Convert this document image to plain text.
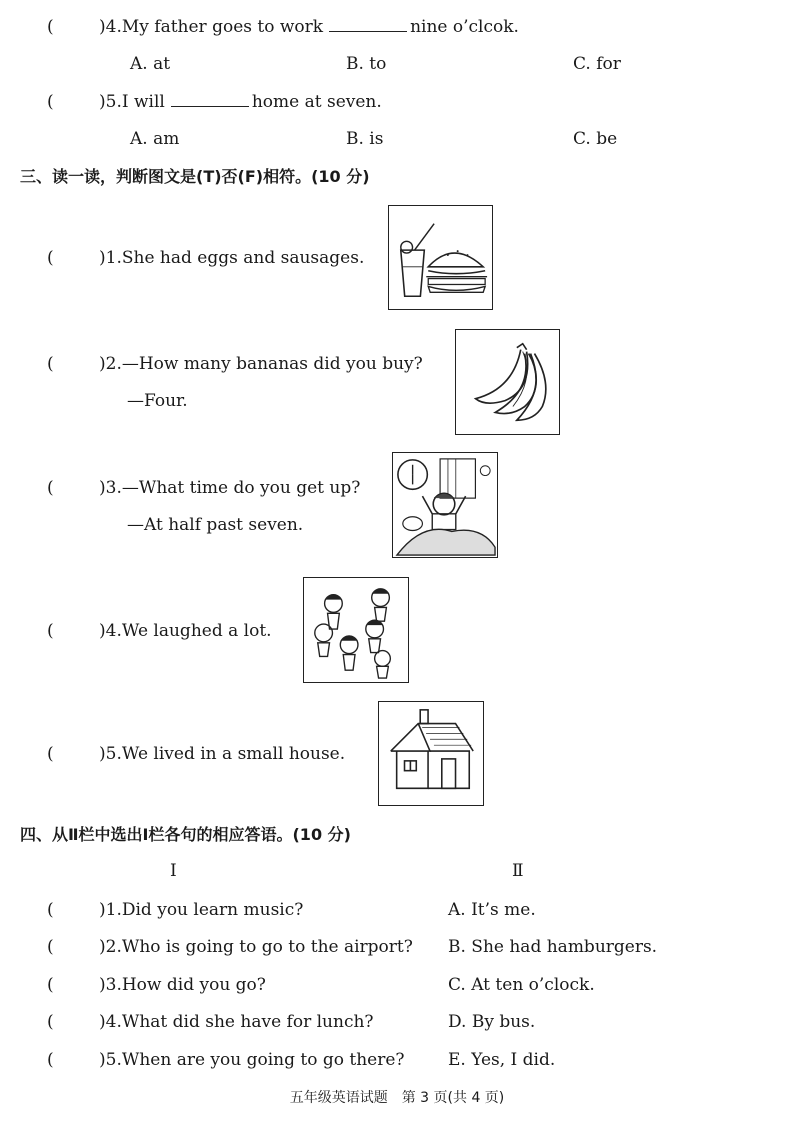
(	)4.My father goes to work	nine o’clcok.
A. at	B. to	C. for
(	)5.I will	home at seven.
A. am	B. is	C. be
三、读一读，判断图文是(T)否(F)相符。(10 分)
(	)1.She had eggs and sausages.
(	)2.—How many bananas did you buy?
—Four.
(	)3.—What time do you get up?
—At half past seven.
(	)4.We laughed a lot.
(	)5.We lived in a small house.
四、从Ⅱ栏中选出Ⅰ栏各句的相应答语。(10 分)
Ⅰ	Ⅱ
(	)1.Did you learn music?	A. It’s me.
(	)2.Who is going to go to the airport? B. She had hamburgers.
(	)3.How did you go?	C. At ten o’clock.
(	)4.What did she have for lunch?	D. By bus.
(	)5.When are you going to go there?	E. Yes, I did.
五年级英语试题　第 3 页(共 4 页)
